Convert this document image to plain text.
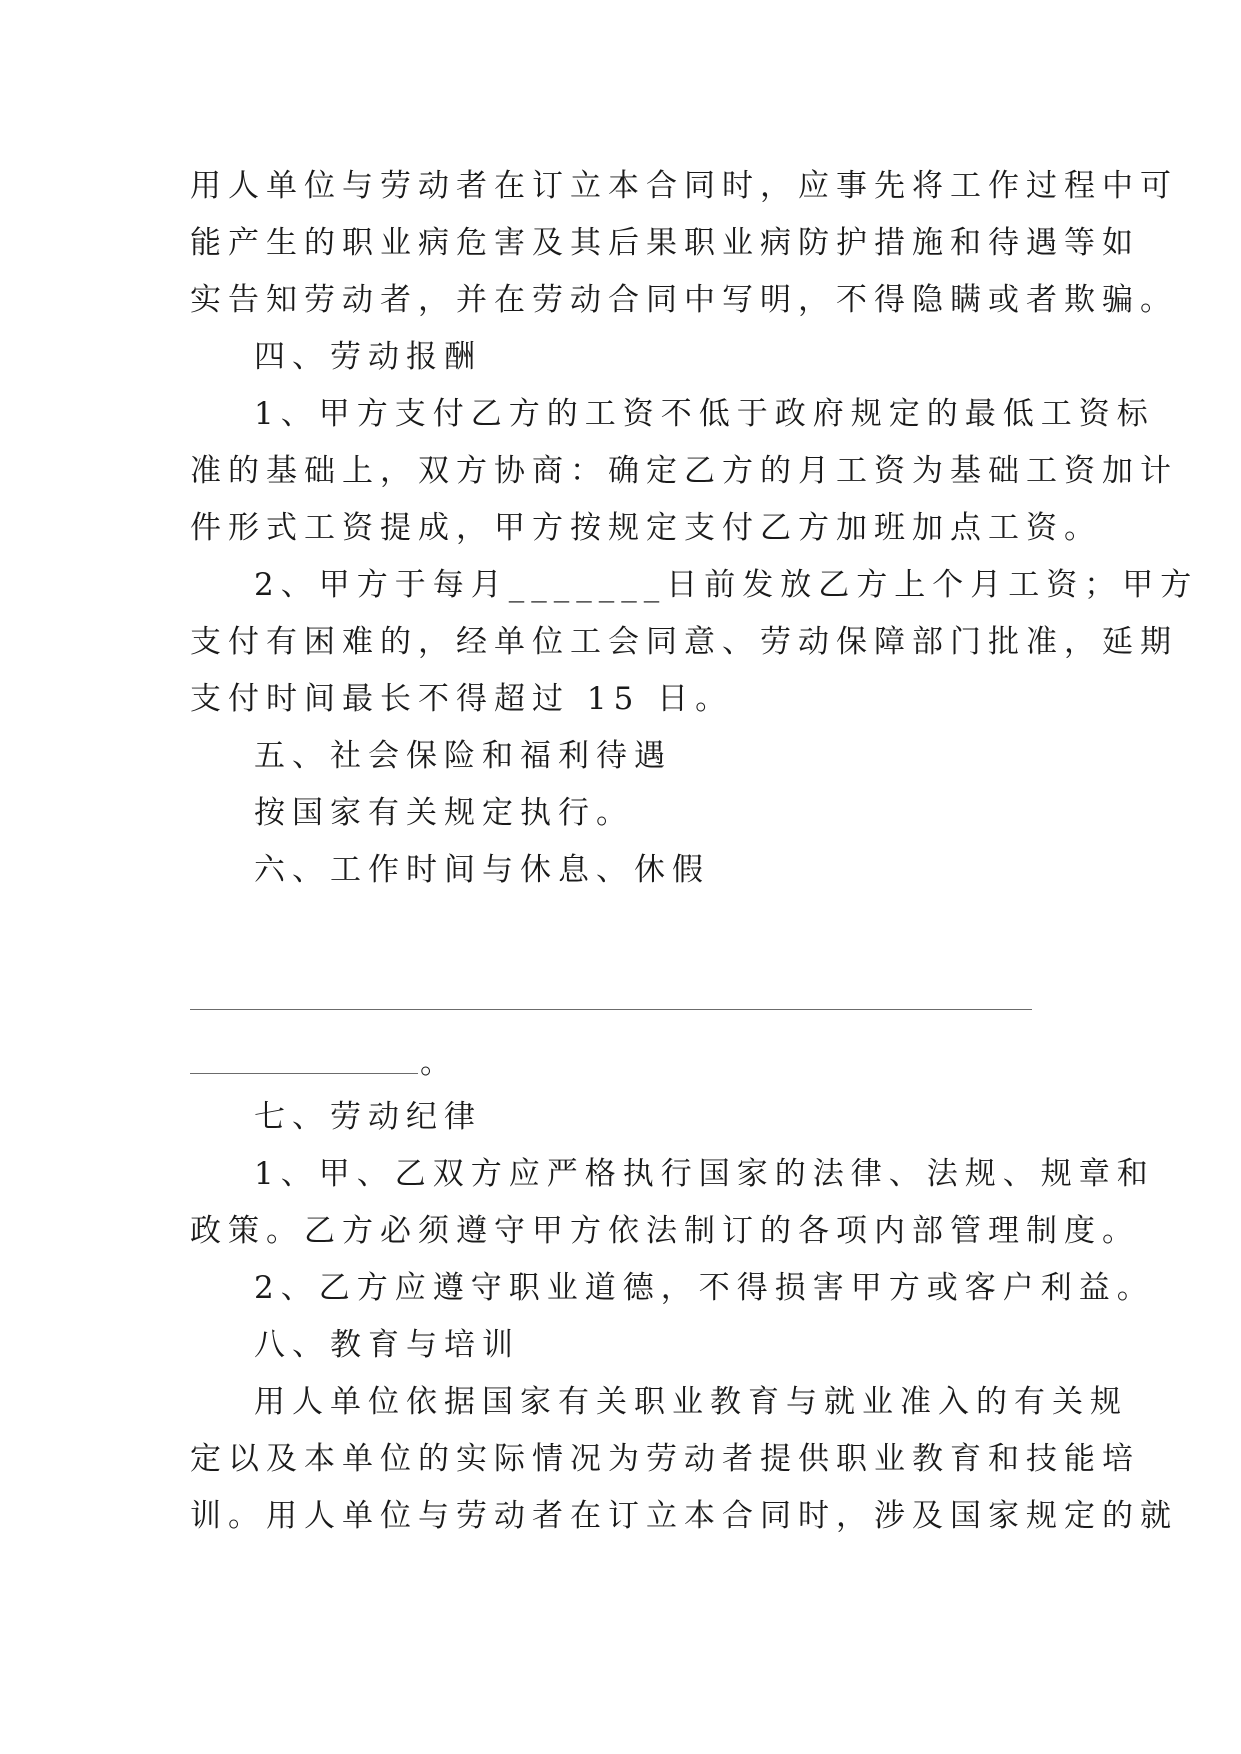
用人单位与劳动者在订立本合同时，应事先将工作过程中可
能产生的职业病危害及其后果职业病防护措施和待遇等如
实告知劳动者，并在劳动合同中写明，不得隐瞒或者欺骗。
四、劳动报酬
1、甲方支付乙方的工资不低于政府规定的最低工资标
准的基础上，双方协商：确定乙方的月工资为基础工资加计
件形式工资提成，甲方按规定支付乙方加班加点工资。
2、甲方于每月_______日前发放乙方上个月工资；甲方
支付有困难的，经单位工会同意、劳动保障部门批准，延期
支付时间最长不得超过 15 日。
五、社会保险和福利待遇
按国家有关规定执行。
六、工作时间与休息、休假
。
七、劳动纪律
1、甲、乙双方应严格执行国家的法律、法规、规章和
政策。乙方必须遵守甲方依法制订的各项内部管理制度。
2、乙方应遵守职业道德，不得损害甲方或客户利益。
八、教育与培训
用人单位依据国家有关职业教育与就业准入的有关规
定以及本单位的实际情况为劳动者提供职业教育和技能培
训。用人单位与劳动者在订立本合同时，涉及国家规定的就
